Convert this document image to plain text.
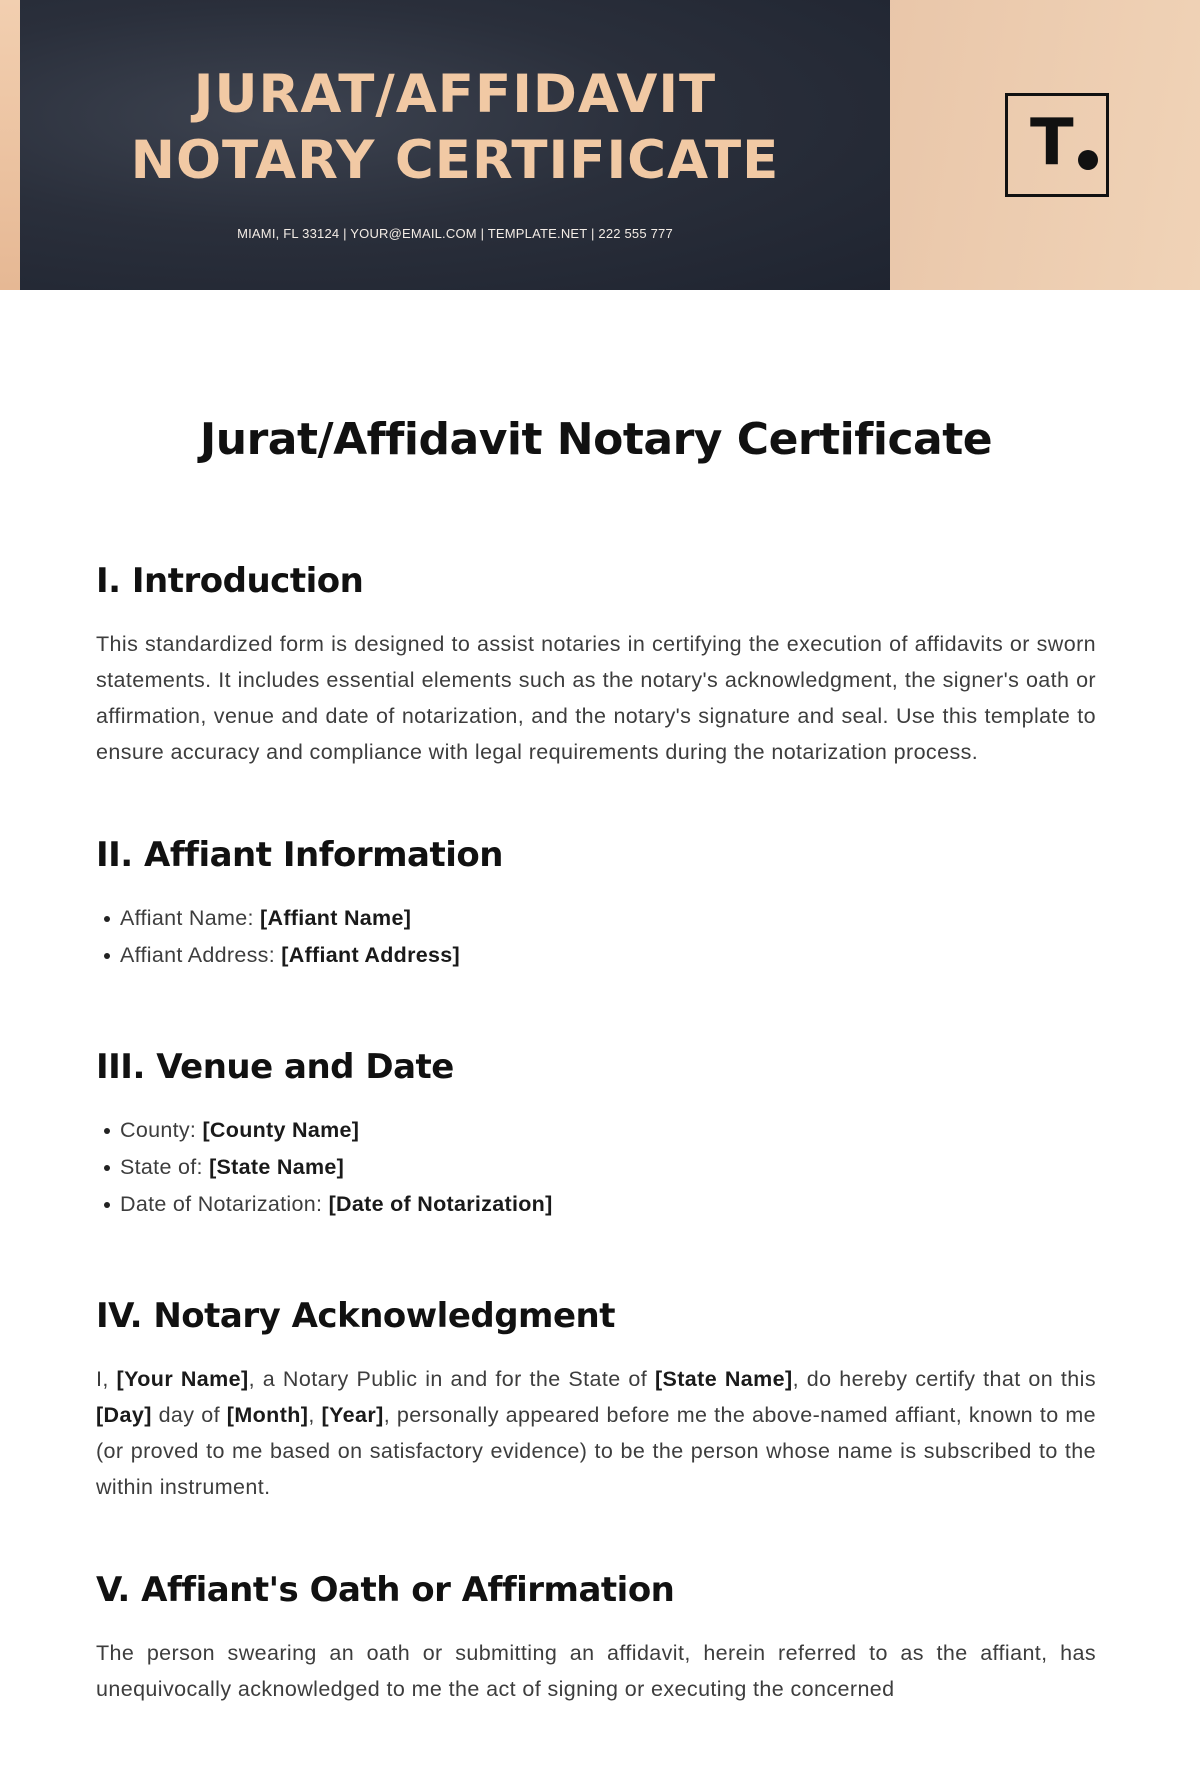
JURAT/AFFIDAVIT
NOTARY CERTIFICATE
MIAMI, FL 33124 | YOUR@EMAIL.COM | TEMPLATE.NET | 222 555 777
T
Jurat/Affidavit Notary Certificate
I. Introduction

This standardized form is designed to assist notaries in certifying the execution of affidavits or sworn statements. It includes essential elements such as the notary's acknowledgment, the signer's oath or affirmation, venue and date of notarization, and the notary's signature and seal. Use this template to ensure accuracy and compliance with legal requirements during the notarization process.

II. Affiant Information
Affiant Name: [Affiant Name]
Affiant Address: [Affiant Address]
III. Venue and Date
County: [County Name]
State of: [State Name]
Date of Notarization: [Date of Notarization]
IV. Notary Acknowledgment

I, [Your Name], a Notary Public in and for the State of [State Name], do hereby certify that on this [Day] day of [Month], [Year], personally appeared before me the above-named affiant, known to me (or proved to me based on satisfactory evidence) to be the person whose name is subscribed to the within instrument.

V. Affiant's Oath or Affirmation

The person swearing an oath or submitting an affidavit, herein referred to as the affiant, has unequivocally acknowledged to me the act of signing or executing the concerned
